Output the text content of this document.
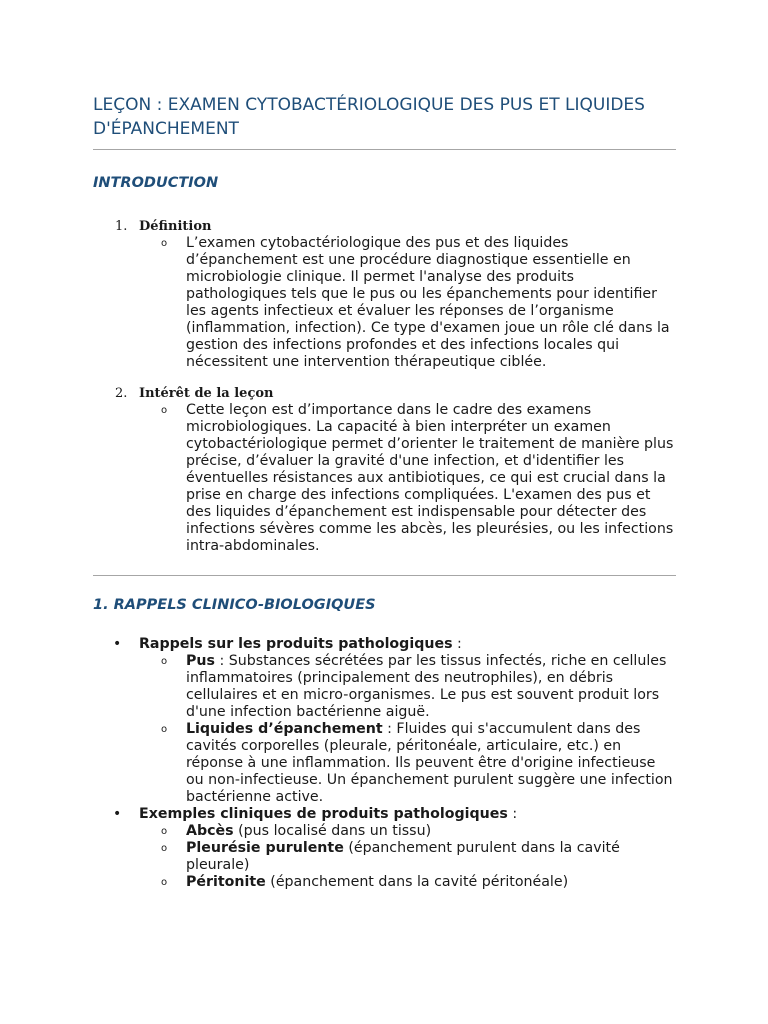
LEÇON : EXAMEN CYTOBACTÉRIOLOGIQUE DES PUS ET LIQUIDES D'ÉPANCHEMENT
INTRODUCTION
1. Définition
o L’examen cytobactériologique des pus et des liquides d’épanchement est une procédure diagnostique essentielle en microbiologie clinique. Il permet l'analyse des produits pathologiques tels que le pus ou les épanchements pour identifier les agents infectieux et évaluer les réponses de l’organisme (inflammation, infection). Ce type d'examen joue un rôle clé dans la gestion des infections profondes et des infections locales qui nécessitent une intervention thérapeutique ciblée.

2. Intérêt de la leçon
o Cette leçon est d’importance dans le cadre des examens microbiologiques. La capacité à bien interpréter un examen cytobactériologique permet d’orienter le traitement de manière plus précise, d’évaluer la gravité d'une infection, et d'identifier les éventuelles résistances aux antibiotiques, ce qui est crucial dans la prise en charge des infections compliquées. L'examen des pus et des liquides d’épanchement est indispensable pour détecter des infections sévères comme les abcès, les pleurésies, ou les infections intra-abdominales.

1. RAPPELS CLINICO-BIOLOGIQUES
• Rappels sur les produits pathologiques :

o Pus : Substances sécrétées par les tissus infectés, riche en cellules inflammatoires (principalement des neutrophiles), en débris cellulaires et en micro-organismes. Le pus est souvent produit lors d'une infection bactérienne aiguë.

o Liquides d’épanchement : Fluides qui s'accumulent dans des cavités corporelles (pleurale, péritonéale, articulaire, etc.) en réponse à une inflammation. Ils peuvent être d'origine infectieuse ou non-infectieuse. Un épanchement purulent suggère une infection bactérienne active.

• Exemples cliniques de produits pathologiques :

o Abcès (pus localisé dans un tissu)

o Pleurésie purulente (épanchement purulent dans la cavité pleurale)

o Péritonite (épanchement dans la cavité péritonéale)
